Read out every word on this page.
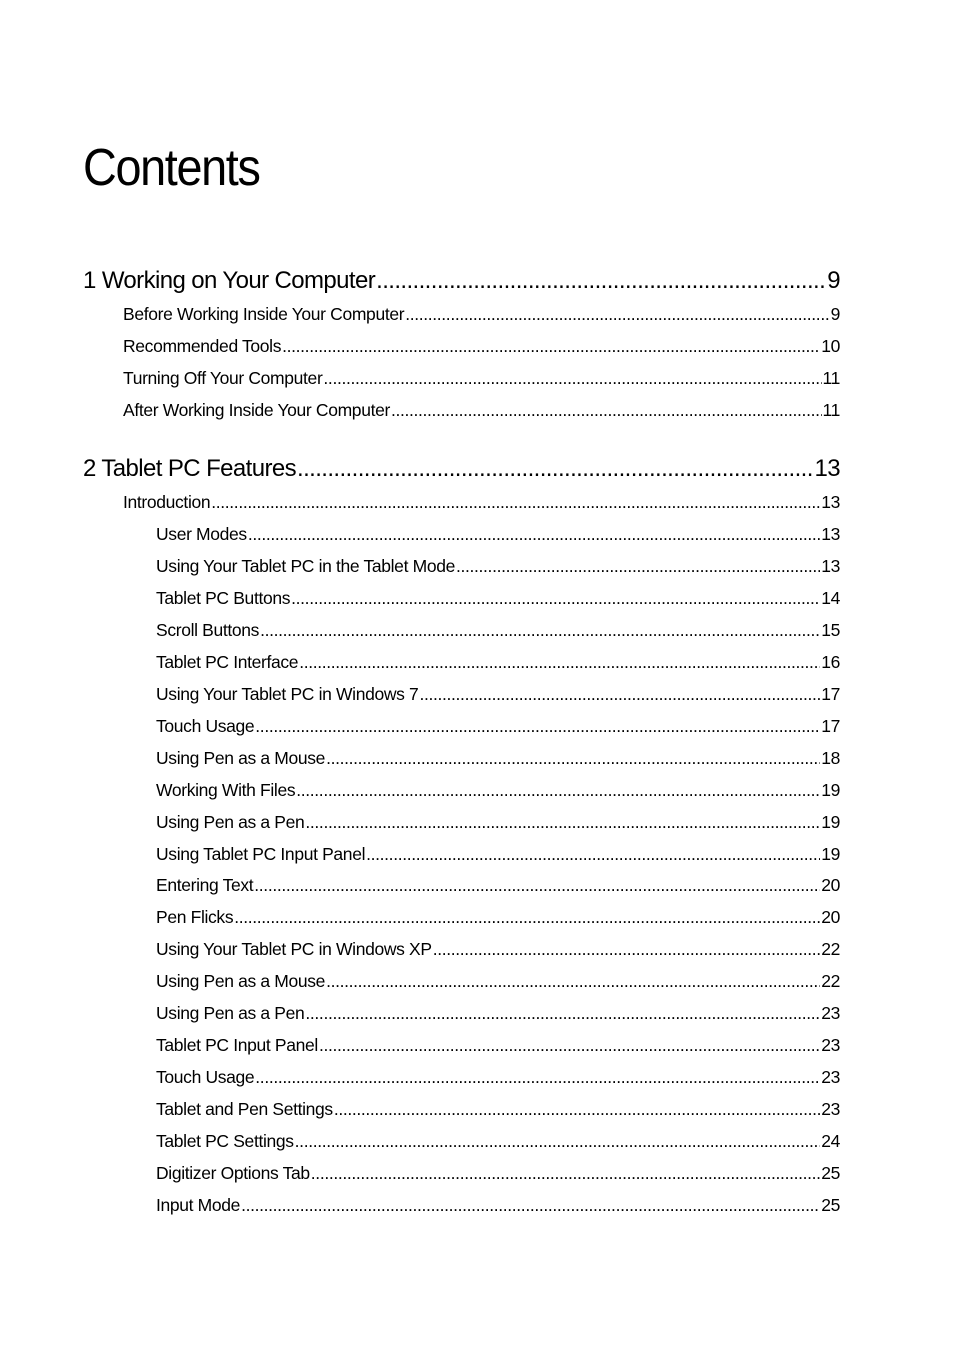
Contents
1 Working on Your Computer .....	9
Before Working Inside Your Computer .....	9
Recommended Tools .....	10
Turning Off Your Computer .....	11
After Working Inside Your Computer .....	11
2 Tablet PC Features .....	13
Introduction .....	13
User Modes .....	13
Using Your Tablet PC in the Tablet Mode .....	13
Tablet PC Buttons .....	14
Scroll Buttons .....	15
Tablet PC Interface .....	16
Using Your Tablet PC in Windows 7 .....	17
Touch Usage .....	17
Using Pen as a Mouse .....	18
Working With Files .....	19
Using Pen as a Pen .....	19
Using Tablet PC Input Panel .....	19
Entering Text .....	20
Pen Flicks .....	20
Using Your Tablet PC in Windows XP .....	22
Using Pen as a Mouse .....	22
Using Pen as a Pen .....	23
Tablet PC Input Panel .....	23
Touch Usage .....	23
Tablet and Pen Settings .....	23
Tablet PC Settings .....	24
Digitizer Options Tab .....	25
Input Mode .....	25
